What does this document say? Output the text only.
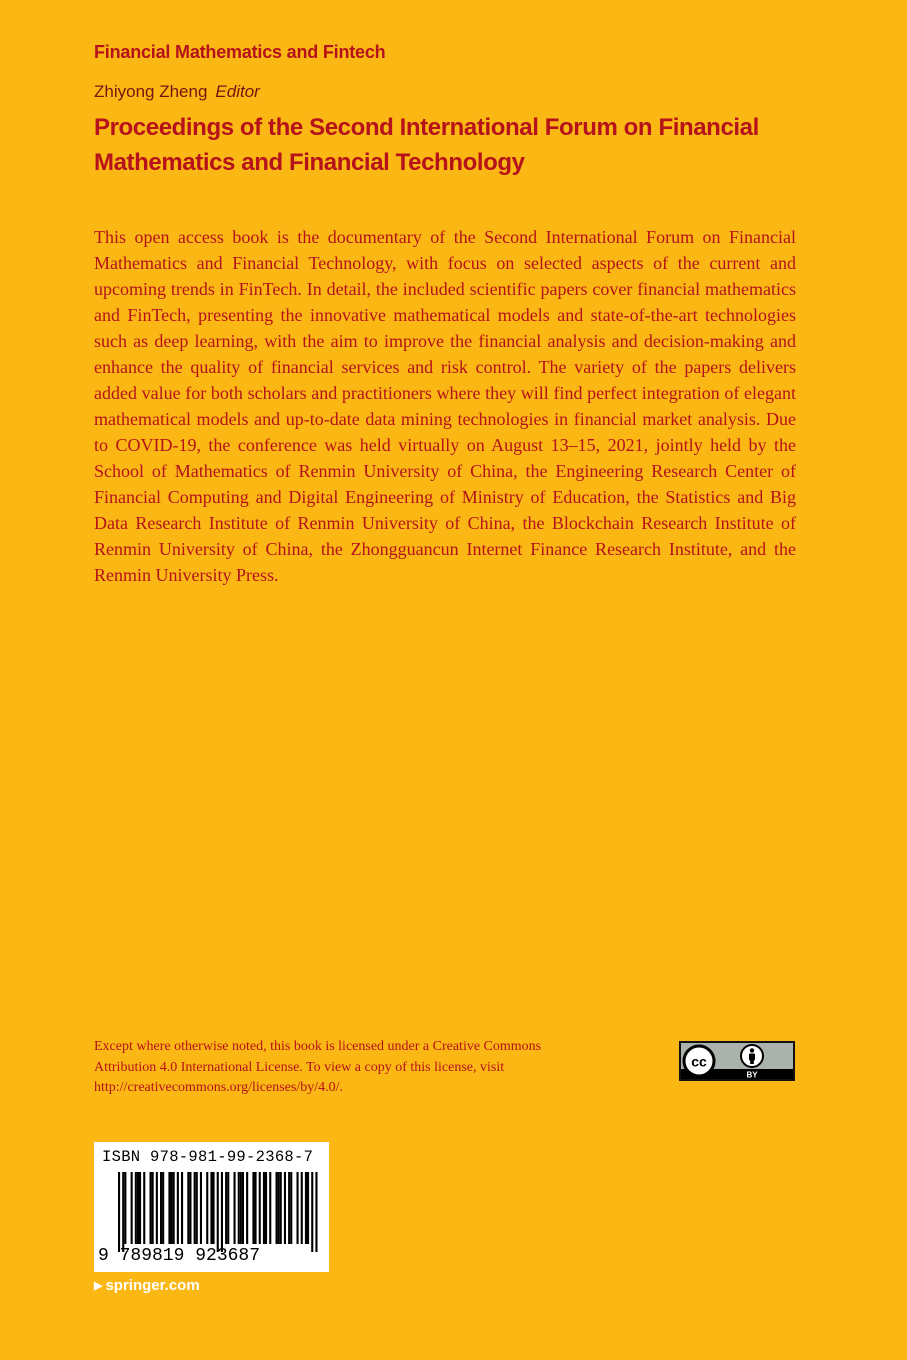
Financial Mathematics and Fintech
Zhiyong Zheng Editor
Proceedings of the Second International Forum on Financial Mathematics and Financial Technology
This open access book is the documentary of the Second International Forum on Financial Mathematics and Financial Technology, with focus on selected aspects of the current and upcoming trends in FinTech. In detail, the included scientific papers cover financial mathematics and FinTech, presenting the innovative mathematical models and state-of-the-art technologies such as deep learning, with the aim to improve the financial analysis and decision-making and enhance the quality of financial services and risk control. The variety of the papers delivers added value for both scholars and practitioners where they will find perfect integration of elegant mathematical models and up-to-date data mining technologies in financial market analysis. Due to COVID-19, the conference was held virtually on August 13–15, 2021, jointly held by the School of Mathematics of Renmin University of China, the Engineering Research Center of Financial Computing and Digital Engineering of Ministry of Education, the Statistics and Big Data Research Institute of Renmin University of China, the Blockchain Research Institute of Renmin University of China, the Zhongguancun Internet Finance Research Institute, and the Renmin University Press.
Except where otherwise noted, this book is licensed under a Creative Commons Attribution 4.0 International License. To view a copy of this license, visit http://creativecommons.org/licenses/by/4.0/.
cc
BY
ISBN 978-981-99-2368-7
9 789819 923687
▶ springer.com
